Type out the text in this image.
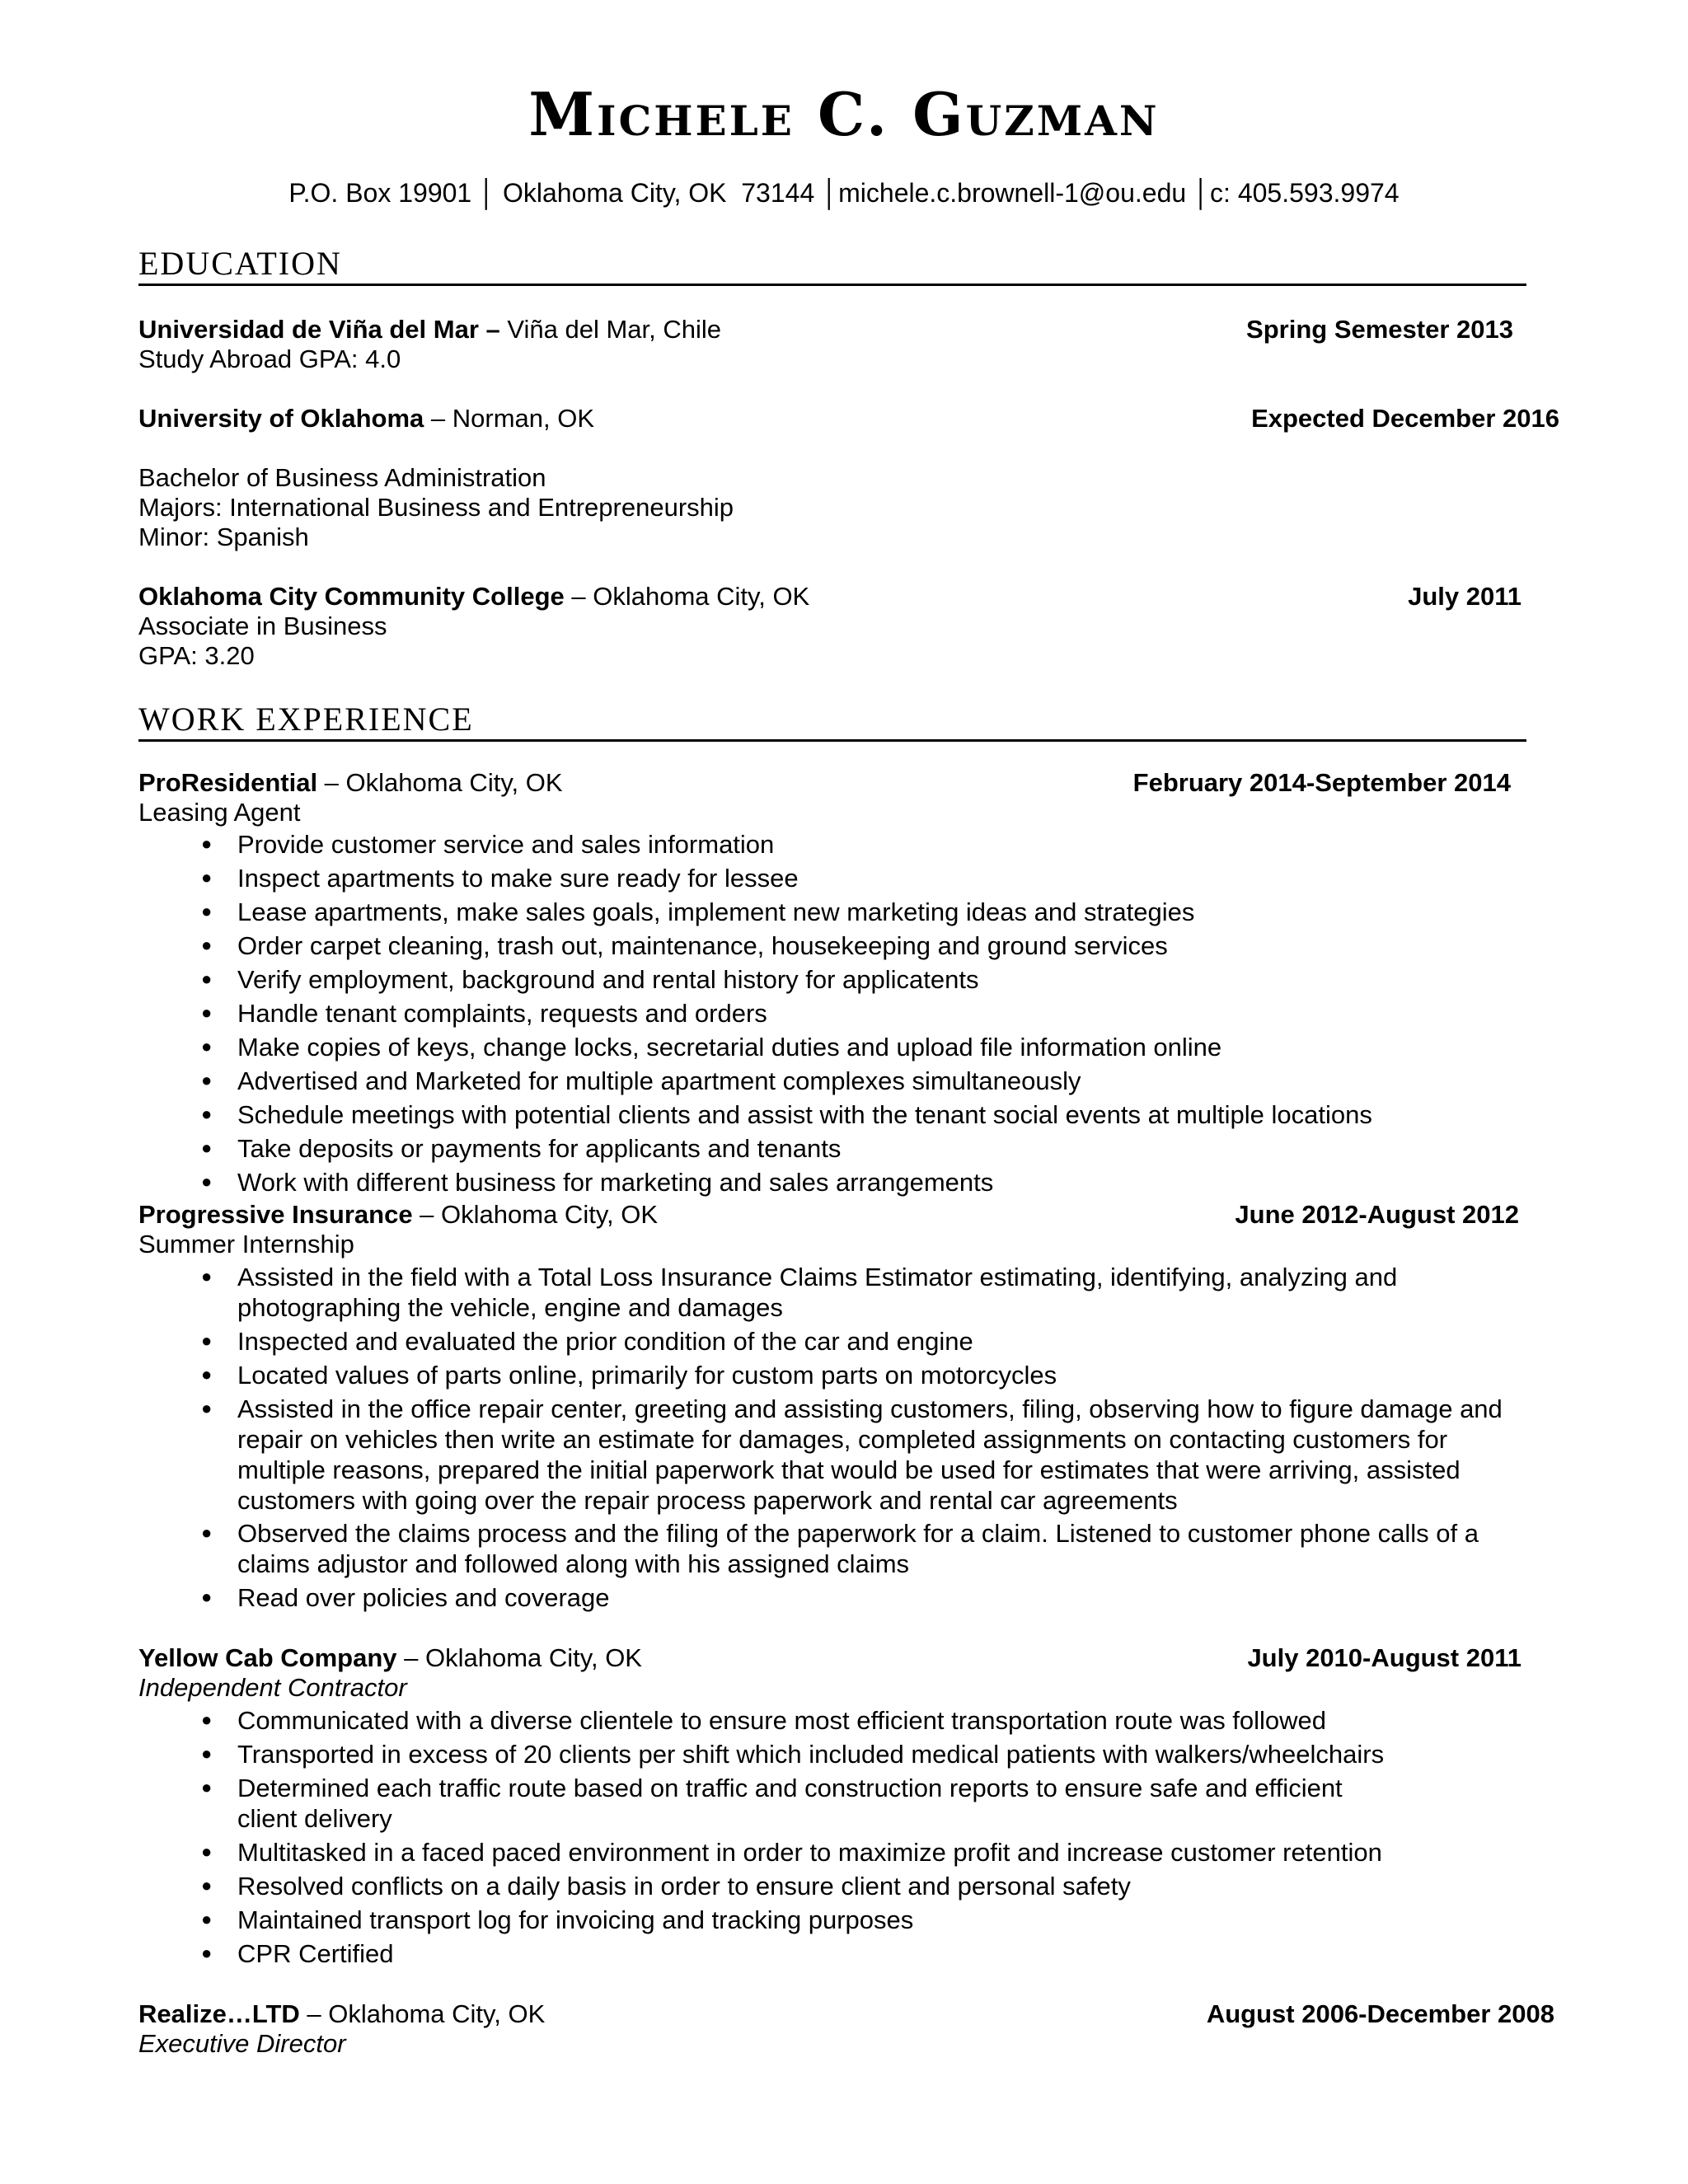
Michele C. Guzman
P.O. Box 19901 │ Oklahoma City, OK  73144 │michele.c.brownell-1@ou.edu │c: 405.593.9974
EDUCATION
Universidad de Viña del Mar – Viña del Mar, Chile	Spring Semester 2013
Study Abroad GPA: 4.0
University of Oklahoma – Norman, OK	Expected December 2016
Bachelor of Business Administration
Majors: International Business and Entrepreneurship
Minor: Spanish
Oklahoma City Community College – Oklahoma City, OK	July 2011
Associate in Business
GPA: 3.20
WORK EXPERIENCE
ProResidential – Oklahoma City, OK	February 2014-September 2014
Leasing Agent
● Provide customer service and sales information
● Inspect apartments to make sure ready for lessee
● Lease apartments, make sales goals, implement new marketing ideas and strategies
● Order carpet cleaning, trash out, maintenance, housekeeping and ground services
● Verify employment, background and rental history for applicatents
● Handle tenant complaints, requests and orders
● Make copies of keys, change locks, secretarial duties and upload file information online
● Advertised and Marketed for multiple apartment complexes simultaneously
● Schedule meetings with potential clients and assist with the tenant social events at multiple locations
● Take deposits or payments for applicants and tenants
● Work with different business for marketing and sales arrangements
Progressive Insurance – Oklahoma City, OK	June 2012-August 2012
Summer Internship
● Assisted in the field with a Total Loss Insurance Claims Estimator estimating, identifying, analyzing and photographing the vehicle, engine and damages
● Inspected and evaluated the prior condition of the car and engine
● Located values of parts online, primarily for custom parts on motorcycles
● Assisted in the office repair center, greeting and assisting customers, filing, observing how to figure damage and repair on vehicles then write an estimate for damages, completed assignments on contacting customers for multiple reasons, prepared the initial paperwork that would be used for estimates that were arriving, assisted customers with going over the repair process paperwork and rental car agreements
● Observed the claims process and the filing of the paperwork for a claim. Listened to customer phone calls of a claims adjustor and followed along with his assigned claims
● Read over policies and coverage
Yellow Cab Company – Oklahoma City, OK	July 2010-August 2011
Independent Contractor
● Communicated with a diverse clientele to ensure most efficient transportation route was followed
● Transported in excess of 20 clients per shift which included medical patients with walkers/wheelchairs
● Determined each traffic route based on traffic and construction reports to ensure safe and efficient client delivery
● Multitasked in a faced paced environment in order to maximize profit and increase customer retention
● Resolved conflicts on a daily basis in order to ensure client and personal safety
● Maintained transport log for invoicing and tracking purposes
● CPR Certified
Realize…LTD – Oklahoma City, OK	August 2006-December 2008
Executive Director
